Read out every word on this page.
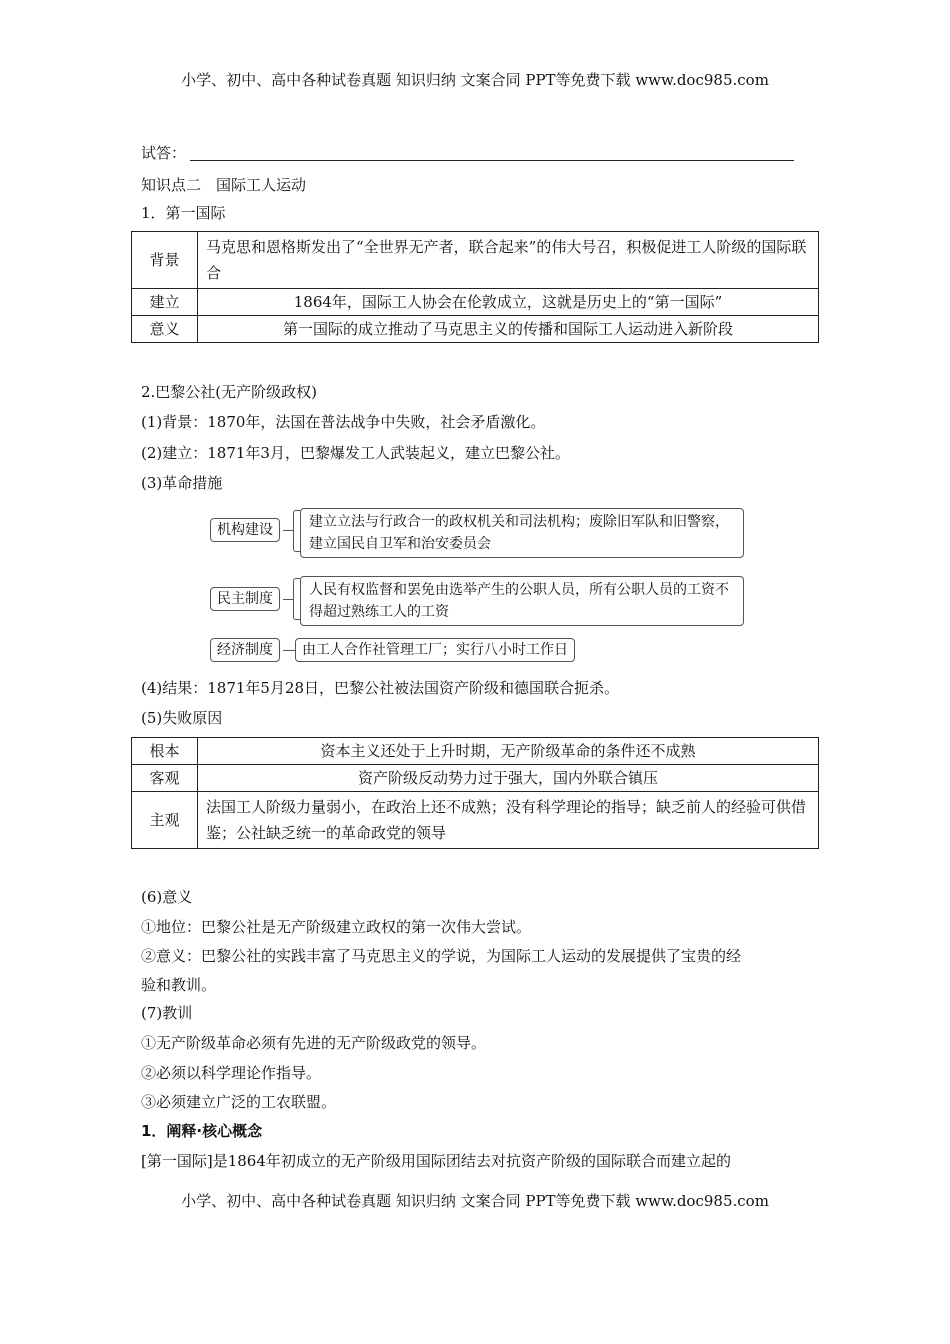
小学、初中、高中各种试卷真题 知识归纳 文案合同 PPT等免费下载 www.doc985.com
试答：
知识点二　国际工人运动
1．第一国际
背景	马克思和恩格斯发出了“全世界无产者，联合起来”的伟大号召，积极促进工人阶级的国际联合
建立	1864年，国际工人协会在伦敦成立，这就是历史上的“第一国际”
意义	第一国际的成立推动了马克思主义的传播和国际工人运动进入新阶段
2.巴黎公社(无产阶级政权)
(1)背景：1870年，法国在普法战争中失败，社会矛盾激化。
(2)建立：1871年3月，巴黎爆发工人武装起义，建立巴黎公社。
(3)革命措施
机构建设	建立立法与行政合一的政权机关和司法机构；废除旧军队和旧警察，建立国民自卫军和治安委员会
民主制度
人民有权监督和罢免由选举产生的公职人员，所有公职人员的工资不得超过熟练工人的工资
经济制度	由工人合作社管理工厂；实行八小时工作日
(4)结果：1871年5月28日，巴黎公社被法国资产阶级和德国联合扼杀。
(5)失败原因
根本	资本主义还处于上升时期，无产阶级革命的条件还不成熟
客观	资产阶级反动势力过于强大，国内外联合镇压
主观	法国工人阶级力量弱小，在政治上还不成熟；没有科学理论的指导；缺乏前人的经验可供借鉴；公社缺乏统一的革命政党的领导
(6)意义
①地位：巴黎公社是无产阶级建立政权的第一次伟大尝试。
②意义：巴黎公社的实践丰富了马克思主义的学说，为国际工人运动的发展提供了宝贵的经
验和教训。
(7)教训
①无产阶级革命必须有先进的无产阶级政党的领导。
②必须以科学理论作指导。
③必须建立广泛的工农联盟。
1．阐释·核心概念
[第一国际]是1864年初成立的无产阶级用国际团结去对抗资产阶级的国际联合而建立起的
小学、初中、高中各种试卷真题 知识归纳 文案合同 PPT等免费下载 www.doc985.com
